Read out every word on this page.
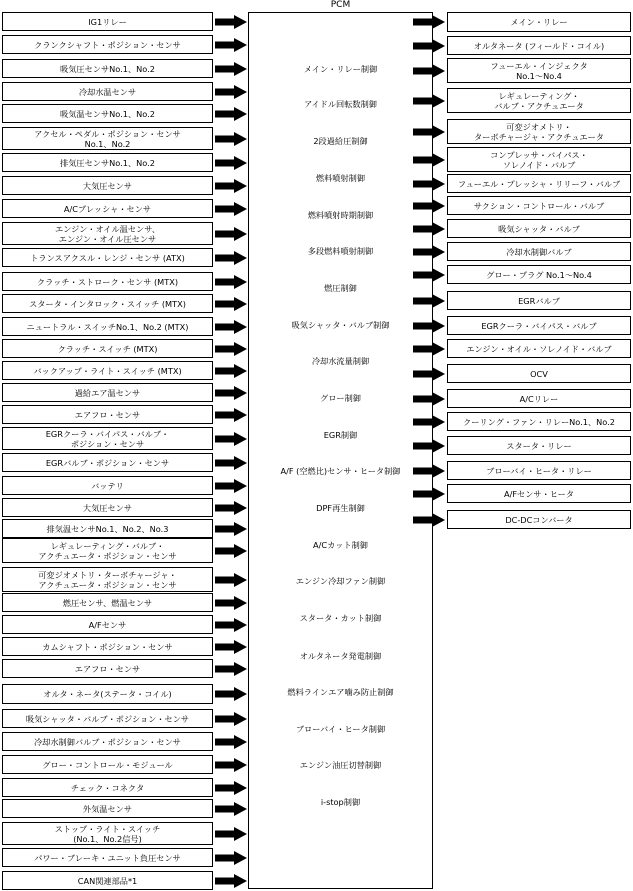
PCM
IG1リレー
クランクシャフト・ポジション・センサ
吸気圧センサNo.1、No.2
冷却水温センサ
吸気温センサNo.1、No.2
アクセル・ペダル・ポジション・センサ
No.1、No.2
排気圧センサNo.1、No.2
大気圧センサ
A/Cプレッシャ・センサ
エンジン・オイル温センサ、
エンジン・オイル圧センサ
トランスアクスル・レンジ・センサ (ATX)
クラッチ・ストローク・センサ (MTX)
スタータ・インタロック・スイッチ (MTX)
ニュートラル・スイッチNo.1、No.2 (MTX)
クラッチ・スイッチ (MTX)
バックアップ・ライト・スイッチ (MTX)
過給エア温センサ
エアフロ・センサ
EGRクーラ・バイパス・バルブ・
ポジション・センサ
EGRバルブ・ポジション・センサ
バッテリ
大気圧センサ
排気温センサNo.1、No.2、No.3
レギュレーティング・バルブ・
アクチュエータ・ポジション・センサ
可変ジオメトリ・ターボチャージャ・
アクチュエータ・ポジション・センサ
燃圧センサ、燃温センサ
A/Fセンサ
カムシャフト・ポジション・センサ
エアフロ・センサ
オルタ・ネータ(ステータ・コイル)
吸気シャッタ・バルブ・ポジション・センサ
冷却水制御バルブ・ポジション・センサ
グロー・コントロール・モジュール
チェック・コネクタ
外気温センサ
ストップ・ライト・スイッチ
(No.1、No.2信号)
パワー・ブレーキ・ユニット負圧センサ
CAN関連部品*1
メイン・リレー制御
アイドル回転数制御
2段過給圧制御
燃料噴射制御
燃料噴射時期制御
多段燃料噴射制御
燃圧制御
吸気シャッタ・バルブ制御
冷却水流量制御
グロー制御
EGR制御
A/F (空燃比)センサ・ヒータ制御
DPF再生制御
A/Cカット制御
エンジン冷却ファン制御
スタータ・カット制御
オルタネータ発電制御
燃料ラインエア噛み防止制御
ブローバイ・ヒータ制御
エンジン油圧切替制御
i-stop制御
メイン・リレー
オルタネータ (フィールド・コイル)
フューエル・インジェクタ
No.1～No.4
レギュレーティング・
バルブ・アクチュエータ
可変ジオメトリ・
ターボチャージャ・アクチュエータ
コンプレッサ・バイパス・
ソレノイド・バルブ
フューエル・プレッシャ・リリーフ・バルブ
サクション・コントロール・バルブ
吸気シャッタ・バルブ
冷却水制御バルブ
グロー・プラグ No.1～No.4
EGRバルブ
EGRクーラ・バイパス・バルブ
エンジン・オイル・ソレノイド・バルブ
OCV
A/Cリレー
クーリング・ファン・リレーNo.1、No.2
スタータ・リレー
ブローバイ・ヒータ・リレー
A/Fセンサ・ヒータ
DC-DCコンバータ
